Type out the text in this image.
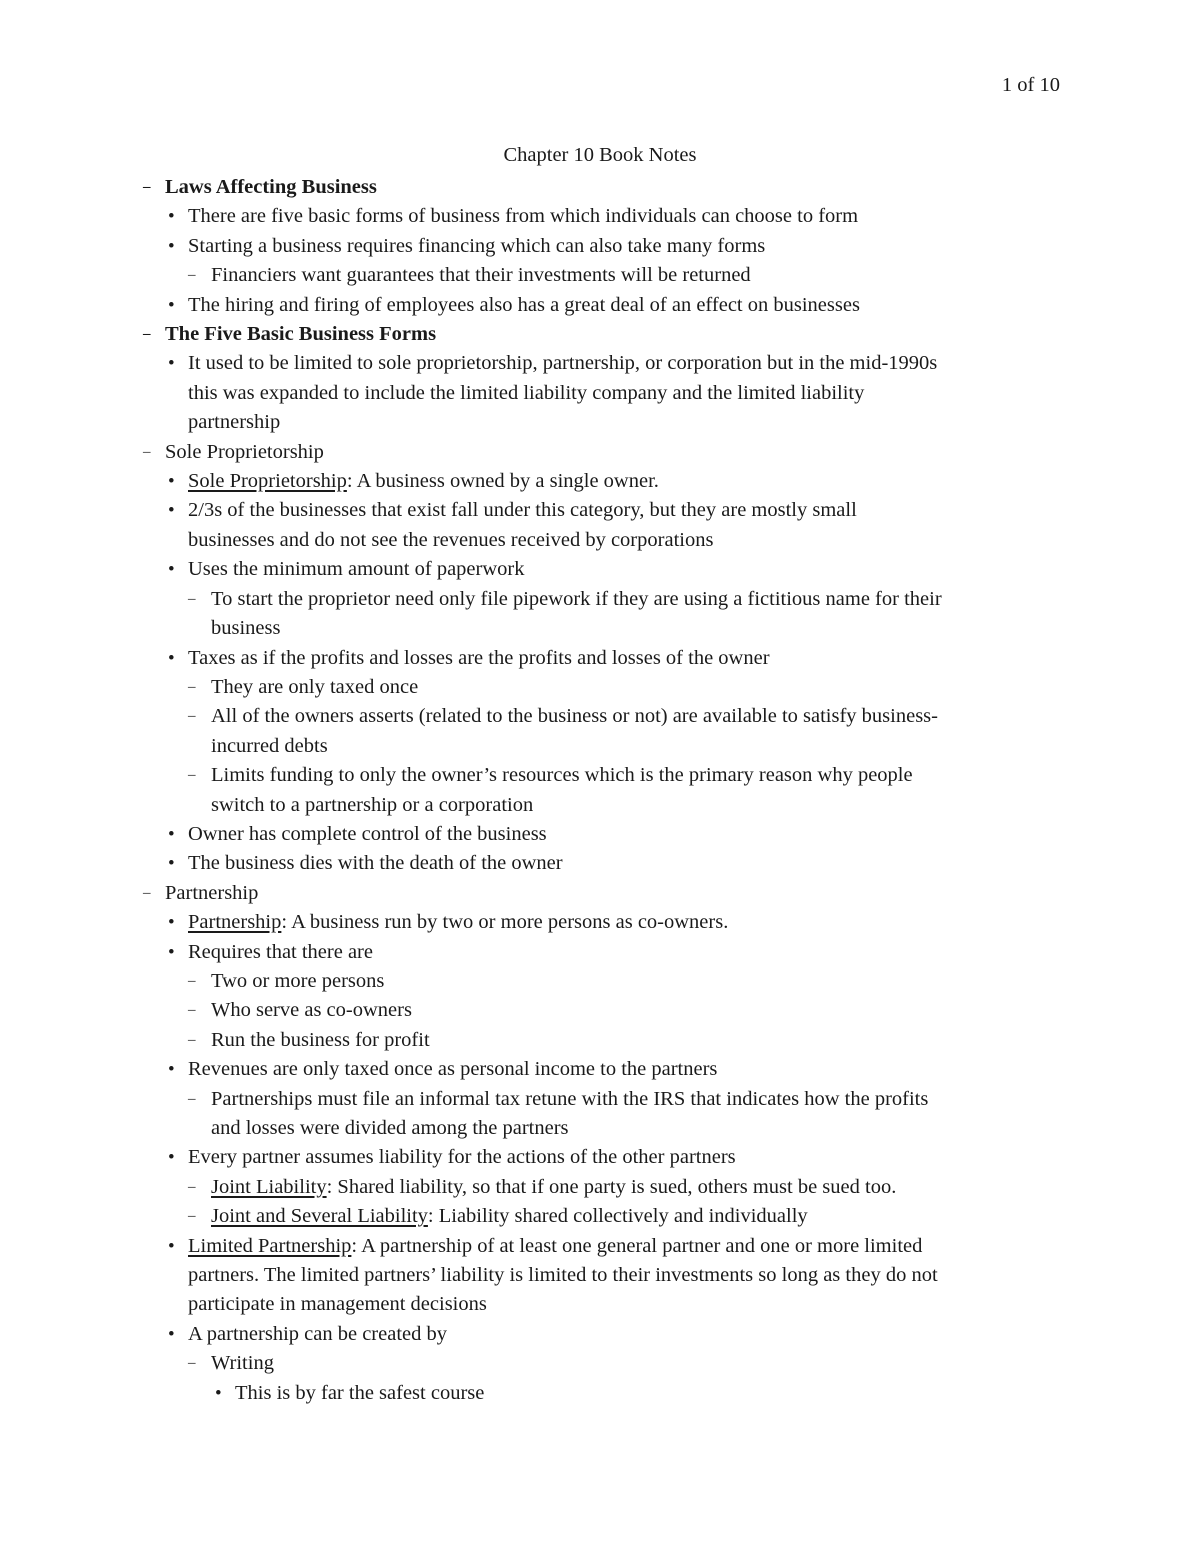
1 of 10
Chapter 10 Book Notes
– Laws Affecting Business
• There are five basic forms of business from which individuals can choose to form
• Starting a business requires financing which can also take many forms
– Financiers want guarantees that their investments will be returned
• The hiring and firing of employees also has a great deal of an effect on businesses
– The Five Basic Business Forms
• It used to be limited to sole proprietorship, partnership, or corporation but in the mid-1990s
this was expanded to include the limited liability company and the limited liability
partnership
– Sole Proprietorship
• Sole Proprietorship: A business owned by a single owner.
• 2/3s of the businesses that exist fall under this category, but they are mostly small
businesses and do not see the revenues received by corporations
• Uses the minimum amount of paperwork
– To start the proprietor need only file pipework if they are using a fictitious name for their
business
• Taxes as if the profits and losses are the profits and losses of the owner
– They are only taxed once
– All of the owners asserts (related to the business or not) are available to satisfy business-
incurred debts
– Limits funding to only the owner’s resources which is the primary reason why people
switch to a partnership or a corporation
• Owner has complete control of the business
• The business dies with the death of the owner
– Partnership
• Partnership: A business run by two or more persons as co-owners.
• Requires that there are
– Two or more persons
– Who serve as co-owners
– Run the business for profit
• Revenues are only taxed once as personal income to the partners
– Partnerships must file an informal tax retune with the IRS that indicates how the profits
and losses were divided among the partners
• Every partner assumes liability for the actions of the other partners
– Joint Liability: Shared liability, so that if one party is sued, others must be sued too.
– Joint and Several Liability: Liability shared collectively and individually
• Limited Partnership: A partnership of at least one general partner and one or more limited
partners. The limited partners’ liability is limited to their investments so long as they do not
participate in management decisions
• A partnership can be created by
– Writing
• This is by far the safest course
